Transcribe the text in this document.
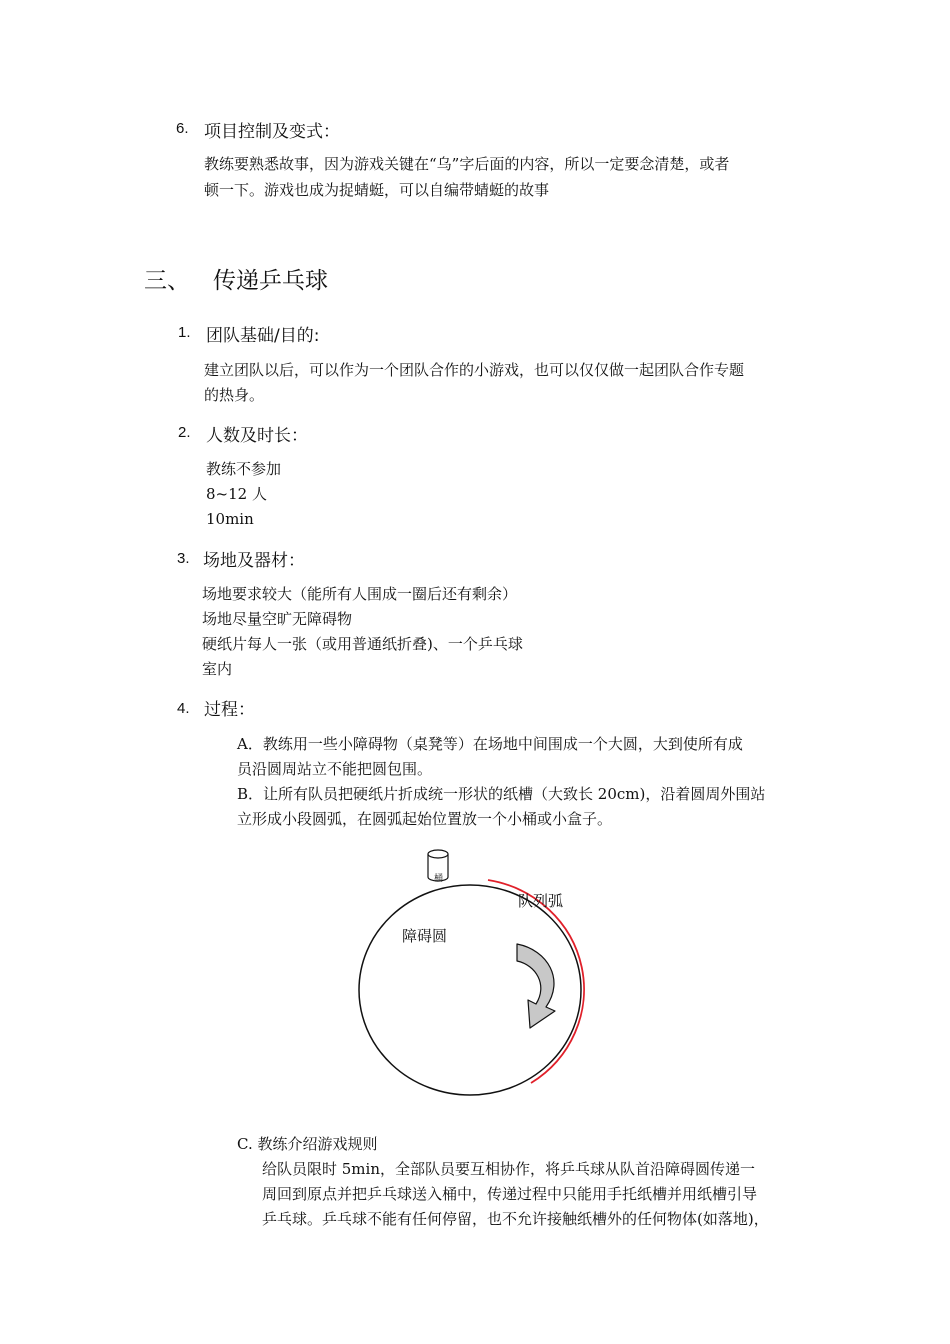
6. 项目控制及变式：
教练要熟悉故事，因为游戏关键在“乌”字后面的内容，所以一定要念清楚，或者
顿一下。游戏也成为捉蜻蜓，可以自编带蜻蜓的故事
三、 传递乒乓球
1. 团队基础/目的:
建立团队以后，可以作为一个团队合作的小游戏，也可以仅仅做一起团队合作专题
的热身。
2. 人数及时长：
教练不参加
8~12 人
10min
3. 场地及器材：
场地要求较大（能所有人围成一圈后还有剩余）
场地尽量空旷无障碍物
硬纸片每人一张（或用普通纸折叠)、一个乒乓球
室内
4. 过程：
A．教练用一些小障碍物（桌凳等）在场地中间围成一个大圆，大到使所有成
员沿圆周站立不能把圆包围。
B．让所有队员把硬纸片折成统一形状的纸槽（大致长 20cm)，沿着圆周外围站
立形成小段圆弧，在圆弧起始位置放一个小桶或小盒子。
桶
队列弧
障碍圆
C. 教练介绍游戏规则
给队员限时 5min，全部队员要互相协作，将乒乓球从队首沿障碍圆传递一
周回到原点并把乒乓球送入桶中，传递过程中只能用手托纸槽并用纸槽引导
乒乓球。乒乓球不能有任何停留，也不允许接触纸槽外的任何物体(如落地)，
